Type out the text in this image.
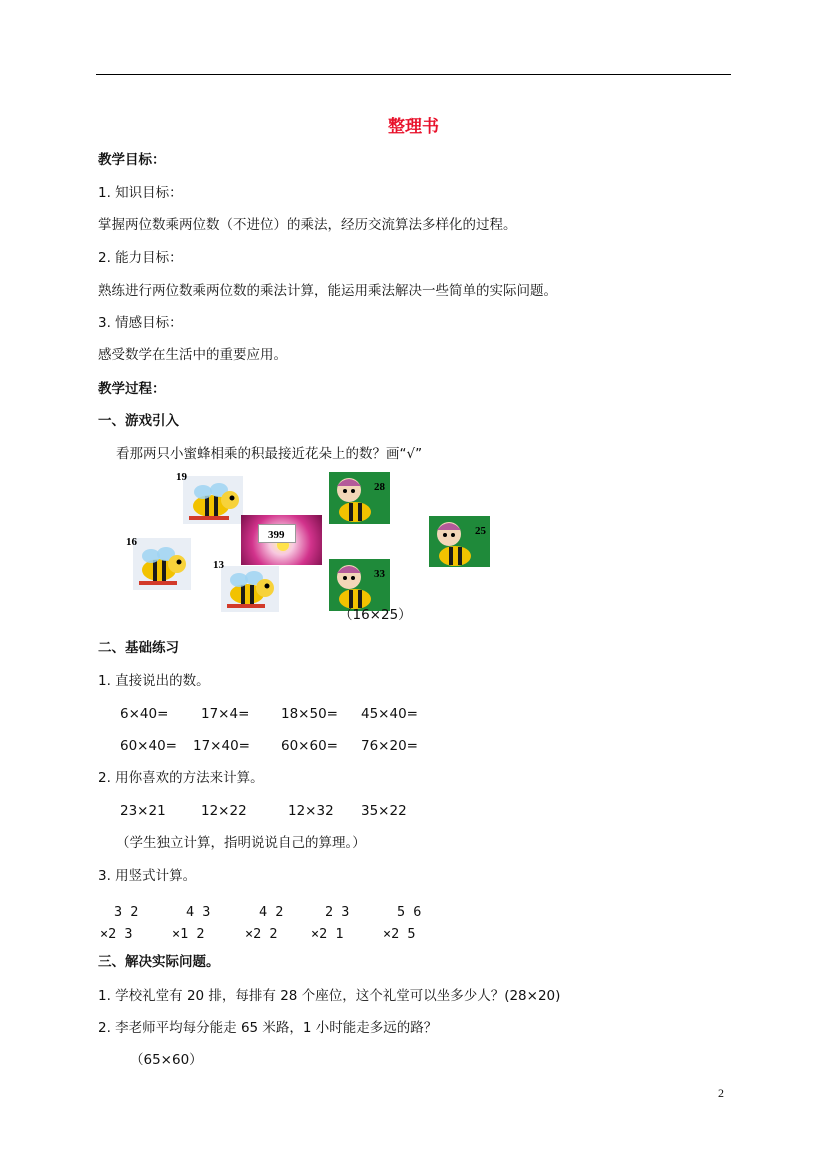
整理书
教学目标：
1. 知识目标：
掌握两位数乘两位数（不进位）的乘法，经历交流算法多样化的过程。
2. 能力目标：
熟练进行两位数乘两位数的乘法计算，能运用乘法解决一些简单的实际问题。
3. 情感目标：
感受数学在生活中的重要应用。
教学过程：
一、游戏引入
看那两只小蜜蜂相乘的积最接近花朵上的数？画“√”
19
16
13
399
28
25
33
（16×25）
二、基础练习
1. 直接说出的数。
6×40= 17×4= 18×50= 45×40=
60×40= 17×40= 60×60= 76×20=
2. 用你喜欢的方法来计算。
23×21	12×22	12×32 35×22
（学生独立计算，指明说说自己的算理。）
3. 用竖式计算。
3 2
×2 3
4 3
×1 2
4 2
×2 2
2 3
×2 1
5 6
×2 5
三、解决实际问题。
1. 学校礼堂有 20 排，每排有 28 个座位，这个礼堂可以坐多少人？(28×20)
2. 李老师平均每分能走 65 米路，1 小时能走多远的路？
（65×60）
2
